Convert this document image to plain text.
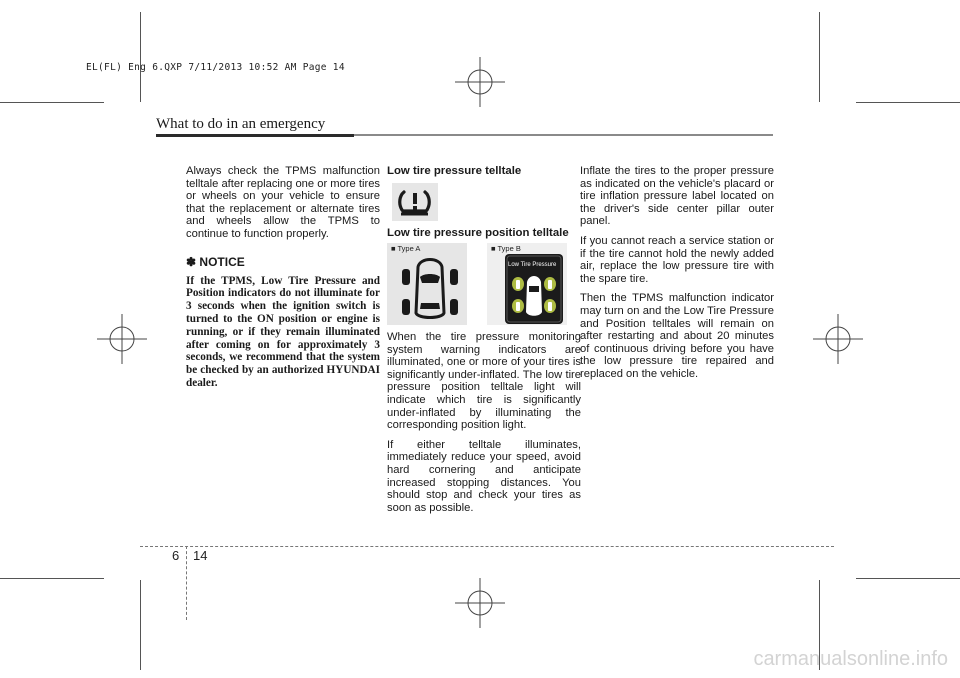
EL(FL) Eng 6.QXP 7/11/2013 10:52 AM Page 14
What to do in an emergency

Always check the TPMS malfunction telltale after replacing one or more tires or wheels on your vehicle to ensure that the replacement or alternate tires and wheels allow the TPMS to continue to function properly.

✽ NOTICE

If the TPMS, Low Tire Pressure and Position indicators do not illuminate for 3 seconds when the ignition switch is turned to the ON position or engine is running, or if they remain illuminated after coming on for approximately 3 seconds, we recommend that the system be checked by an authorized HYUNDAI dealer.

Low tire pressure telltale

Low tire pressure position telltale

■ Type A	■ Type B
Low Tire Pressure

When the tire pressure monitoring system warning indicators are illuminated, one or more of your tires is significantly under-inflated. The low tire pressure position telltale light will indicate which tire is significantly under-inflated by illuminating the corresponding position light.

If either telltale illuminates, immediately reduce your speed, avoid hard cornering and anticipate increased stopping distances. You should stop and check your tires as soon as possible.

Inflate the tires to the proper pressure as indicated on the vehicle's placard or tire inflation pressure label located on the driver's side center pillar outer panel.

If you cannot reach a service station or if the tire cannot hold the newly added air, replace the low pressure tire with the spare tire.

Then the TPMS malfunction indicator may turn on and the Low Tire Pressure and Position telltales will remain on after restarting and about 20 minutes of continuous driving before you have the low pressure tire repaired and replaced on the vehicle.

6 14
carmanualsonline.info
